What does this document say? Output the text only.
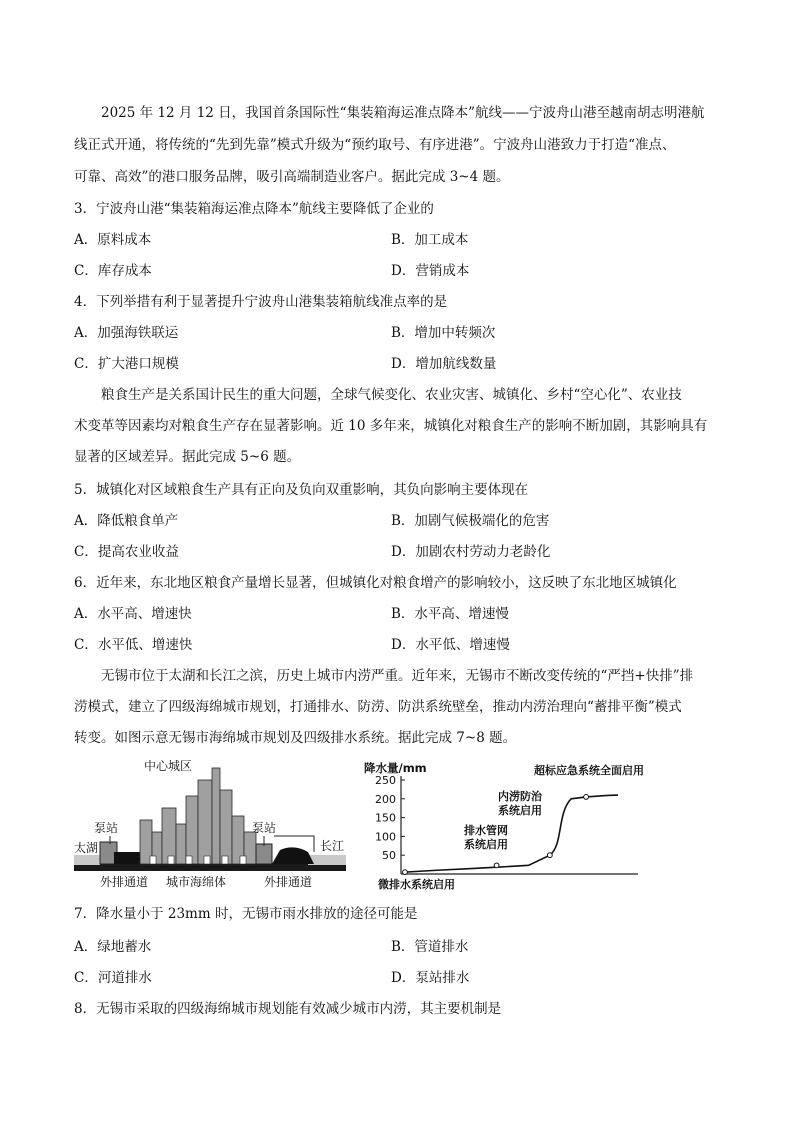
2025 年 12 月 12 日，我国首条国际性“集装箱海运准点降本”航线——宁波舟山港至越南胡志明港航
线正式开通，将传统的“先到先靠”模式升级为“预约取号、有序进港”。宁波舟山港致力于打造“准点、
可靠、高效”的港口服务品牌，吸引高端制造业客户。据此完成 3~4 题。
3．宁波舟山港“集装箱海运准点降本”航线主要降低了企业的
A．原料成本	B．加工成本
C．库存成本	D．营销成本
4．下列举措有利于显著提升宁波舟山港集装箱航线准点率的是
A．加强海铁联运	B．增加中转频次
C．扩大港口规模	D．增加航线数量
粮食生产是关系国计民生的重大问题，全球气候变化、农业灾害、城镇化、乡村“空心化”、农业技
术变革等因素均对粮食生产存在显著影响。近 10 多年来，城镇化对粮食生产的影响不断加剧，其影响具有
显著的区域差异。据此完成 5~6 题。
5．城镇化对区域粮食生产具有正向及负向双重影响，其负向影响主要体现在
A．降低粮食单产	B．加剧气候极端化的危害
C．提高农业收益	D．加剧农村劳动力老龄化
6．近年来，东北地区粮食产量增长显著，但城镇化对粮食增产的影响较小，这反映了东北地区城镇化
A．水平高、增速快	B．水平高、增速慢
C．水平低、增速快	D．水平低、增速慢
无锡市位于太湖和长江之滨，历史上城市内涝严重。近年来，无锡市不断改变传统的“严挡+快排”排
涝模式，建立了四级海绵城市规划，打通排水、防涝、防洪系统壁垒，推动内涝治理向“蓄排平衡”模式
转变。如图示意无锡市海绵城市规划及四级排水系统。据此完成 7~8 题。
中心城区
泵站	泵站
太湖	长江
外排通道 城市海绵体	外排通道
降水量/mm
250
200
150
100
50
超标应急系统全面启用
内涝防治
系统启用
排水管网
系统启用
微排水系统启用
7．降水量小于 23mm 时，无锡市雨水排放的途径可能是
A．绿地蓄水	B．管道排水
C．河道排水	D．泵站排水
8．无锡市采取的四级海绵城市规划能有效减少城市内涝，其主要机制是
